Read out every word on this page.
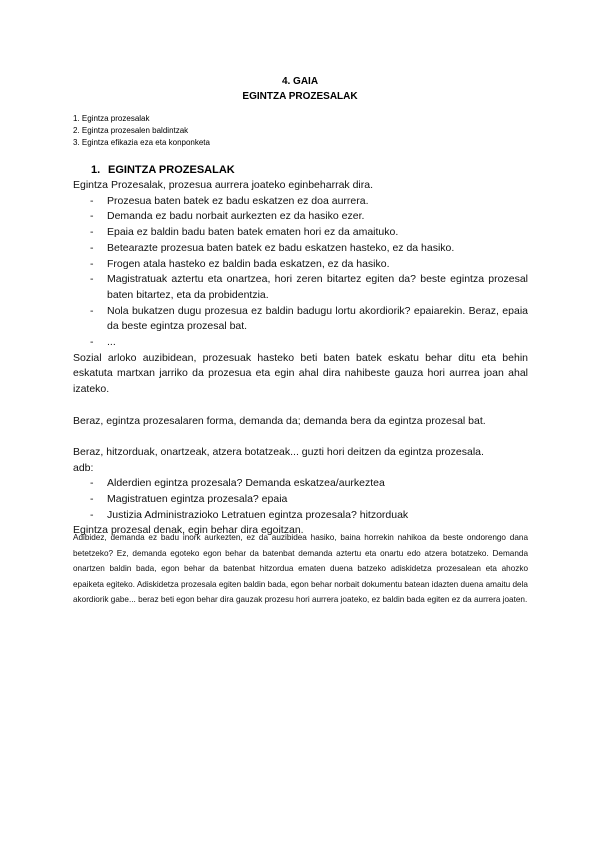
4. GAIA
EGINTZA PROZESALAK
1. Egintza prozesalak
2. Egintza prozesalen baldintzak
3. Egintza efikazia eza eta konponketa
1. EGINTZA PROZESALAK
Egintza Prozesalak, prozesua aurrera joateko eginbeharrak dira.
- Prozesua baten batek ez badu eskatzen ez doa aurrera.
- Demanda ez badu norbait aurkezten ez da hasiko ezer.
- Epaia ez baldin badu baten batek ematen hori ez da amaituko.
- Betearazte prozesua baten batek ez badu eskatzen hasteko, ez da hasiko.
- Frogen atala hasteko ez baldin bada eskatzen, ez da hasiko.
- Magistratuak aztertu eta onartzea, hori zeren bitartez egiten da? beste egintza prozesal baten bitartez, eta da probidentzia.
- Nola bukatzen dugu prozesua ez baldin badugu lortu akordiorik? epaiarekin. Beraz, epaia da beste egintza prozesal bat.
- ...
Sozial arloko auzibidean, prozesuak hasteko beti baten batek eskatu behar ditu eta behin eskatuta martxan jarriko da prozesua eta egin ahal dira nahibeste gauza hori aurrea joan ahal izateko.
Beraz, egintza prozesalaren forma, demanda da; demanda bera da egintza prozesal bat.
Beraz, hitzorduak, onartzeak, atzera botatzeak... guzti hori deitzen da egintza prozesala.
adb:
- Alderdien egintza prozesala? Demanda eskatzea/aurkeztea
- Magistratuen egintza prozesala? epaia
- Justizia Administrazioko Letratuen egintza prozesala? hitzorduak
Egintza prozesal denak, egin behar dira egoitzan.
Adibidez, demanda ez badu inork aurkezten, ez da auzibidea hasiko, baina horrekin nahikoa da beste ondorengo dana betetzeko? Ez, demanda egoteko egon behar da batenbat demanda aztertu eta onartu edo atzera botatzeko. Demanda onartzen baldin bada, egon behar da batenbat hitzordua ematen duena batzeko adiskidetza prozesalean eta ahozko epaiketa egiteko. Adiskidetza prozesala egiten baldin bada, egon behar norbait dokumentu batean idazten duena amaitu dela akordiorik gabe... beraz beti egon behar dira gauzak prozesu hori aurrera joateko, ez baldin bada egiten ez da aurrera joaten.
